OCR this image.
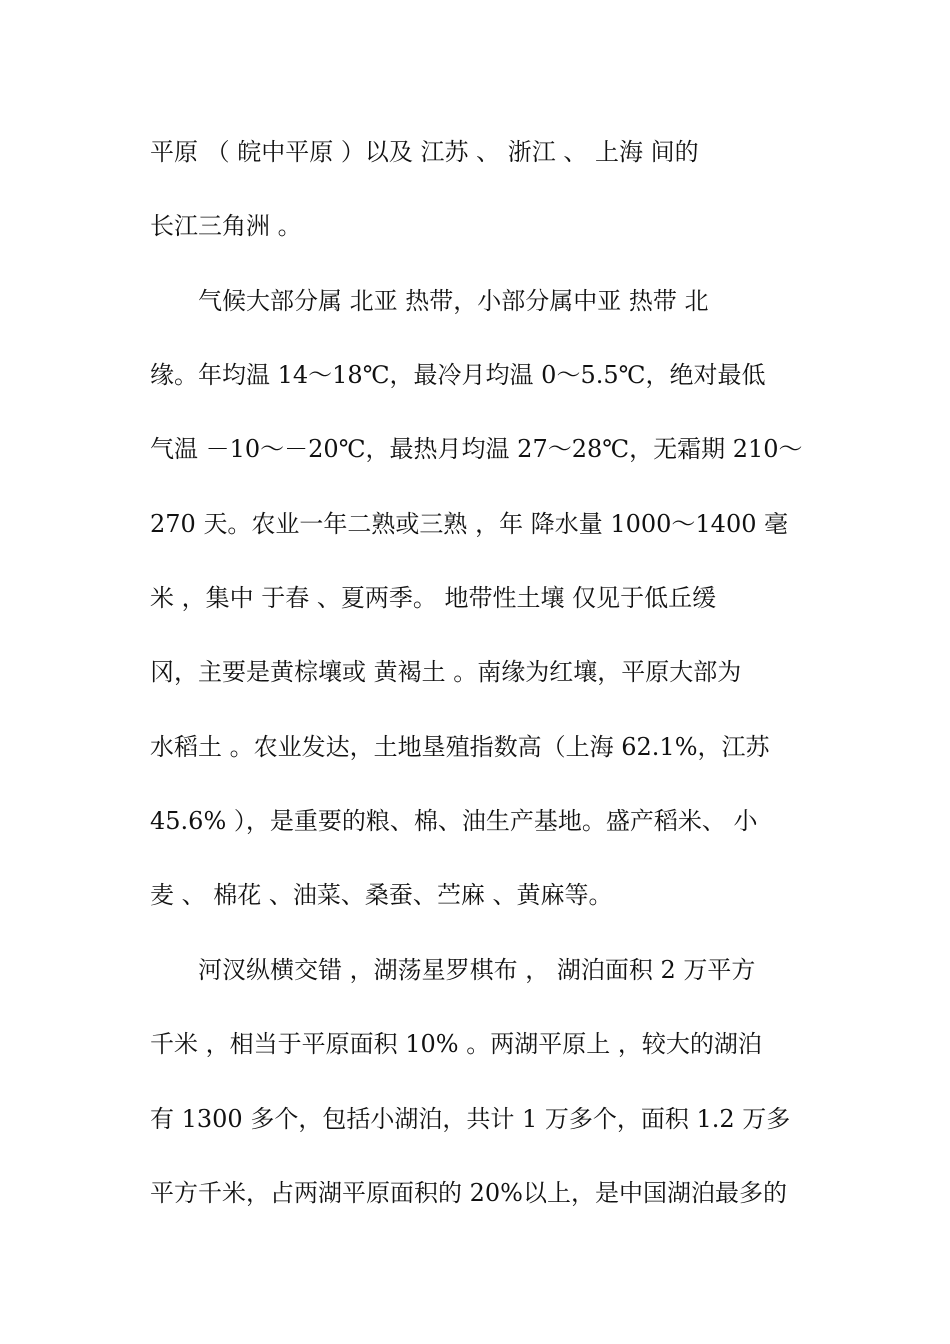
平原 （ 皖中平原 ）以及 江苏 、 浙江 、 上海 间的
长江三角洲 。
　　气候大部分属 北亚 热带，小部分属中亚 热带 北
缘。年均温 14～18℃，最冷月均温 0～5.5℃，绝对最低
气温 －10～－20℃，最热月均温 27～28℃，无霜期 210～
270 天。农业一年二熟或三熟 ，年 降水量 1000～1400 毫
米 ，集中 于春 、夏两季。 地带性土壤 仅见于低丘缓
冈，主要是黄棕壤或 黄褐土 。南缘为红壤，平原大部为
水稻土 。农业发达，土地垦殖指数高（上海 62.1%，江苏
45.6% ），是重要的粮、棉、油生产基地。盛产稻米、 小
麦 、 棉花 、油菜、桑蚕、苎麻 、黄麻等。
　　河汊纵横交错 ，湖荡星罗棋布 ， 湖泊面积 2 万平方
千米 ，相当于平原面积 10% 。两湖平原上 ，较大的湖泊
有 1300 多个，包括小湖泊，共计 1 万多个，面积 1.2 万多
平方千米，占两湖平原面积的 20%以上，是中国湖泊最多的
